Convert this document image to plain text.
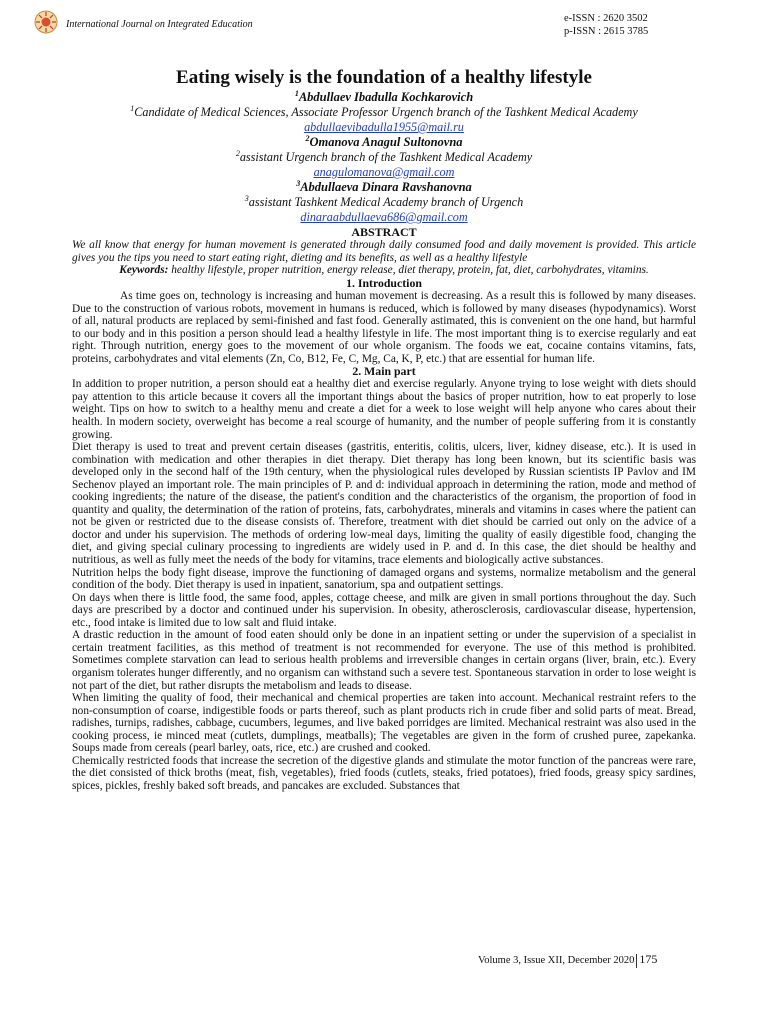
International Journal on Integrated Education
e-ISSN : 2620 3502
p-ISSN : 2615 3785
Eating wisely is the foundation of a healthy lifestyle
$^1$Abdullaev Ibadulla Kochkarovich
$^1$Candidate of Medical Sciences, Associate Professor Urgench branch of the Tashkent Medical Academy
abdullaevibadulla1955@mail.ru
$^2$Omanova Anagul Sultonovna
$^2$assistant Urgench branch of the Tashkent Medical Academy
anagulomanova@gmail.com
$^3$Abdullaeva Dinara Ravshanovna
$^3$assistant Tashkent Medical Academy branch of Urgench
dinaraabdullaeva686@gmail.com
ABSTRACT
We all know that energy for human movement is generated through daily consumed food and daily movement is provided. This article gives you the tips you need to start eating right, dieting and its benefits, as well as a healthy lifestyle
Keywords: healthy lifestyle, proper nutrition, energy release, diet therapy, protein, fat, diet, carbohydrates, vitamins.
1. Introduction

As time goes on, technology is increasing and human movement is decreasing. As a result this is followed by many diseases. Due to the construction of various robots, movement in humans is reduced, which is followed by many diseases (hypodynamics). Worst of all, natural products are replaced by semi-finished and fast food. Generally astimated, this is convenient on the one hand, but harmful to our body and in this position a person should lead a healthy lifestyle in life. The most important thing is to exercise regularly and eat right. Through nutrition, energy goes to the movement of our whole organism. The foods we eat, cocaine contains vitamins, fats, proteins, carbohydrates and vital elements (Zn, Co, B12, Fe, C, Mg, Ca, K, P, etc.) that are essential for human life.

2. Main part

In addition to proper nutrition, a person should eat a healthy diet and exercise regularly. Anyone trying to lose weight with diets should pay attention to this article because it covers all the important things about the basics of proper nutrition, how to eat properly to lose weight. Tips on how to switch to a healthy menu and create a diet for a week to lose weight will help anyone who cares about their health. In modern society, overweight has become a real scourge of humanity, and the number of people suffering from it is constantly growing.

Diet therapy is used to treat and prevent certain diseases (gastritis, enteritis, colitis, ulcers, liver, kidney disease, etc.). It is used in combination with medication and other therapies in diet therapy. Diet therapy has long been known, but its scientific basis was developed only in the second half of the 19th century, when the physiological rules developed by Russian scientists IP Pavlov and IM Sechenov played an important role. The main principles of P. and d: individual approach in determining the ration, mode and method of cooking ingredients; the nature of the disease, the patient's condition and the characteristics of the organism, the proportion of food in quantity and quality, the determination of the ration of proteins, fats, carbohydrates, minerals and vitamins in cases where the patient can not be given or restricted due to the disease consists of. Therefore, treatment with diet should be carried out only on the advice of a doctor and under his supervision. The methods of ordering low-meal days, limiting the quality of easily digestible food, changing the diet, and giving special culinary processing to ingredients are widely used in P. and d. In this case, the diet should be healthy and nutritious, as well as fully meet the needs of the body for vitamins, trace elements and biologically active substances.

Nutrition helps the body fight disease, improve the functioning of damaged organs and systems, normalize metabolism and the general condition of the body. Diet therapy is used in inpatient, sanatorium, spa and outpatient settings.

On days when there is little food, the same food, apples, cottage cheese, and milk are given in small portions throughout the day. Such days are prescribed by a doctor and continued under his supervision. In obesity, atherosclerosis, cardiovascular disease, hypertension, etc., food intake is limited due to low salt and fluid intake.

A drastic reduction in the amount of food eaten should only be done in an inpatient setting or under the supervision of a specialist in certain treatment facilities, as this method of treatment is not recommended for everyone. The use of this method is prohibited. Sometimes complete starvation can lead to serious health problems and irreversible changes in certain organs (liver, brain, etc.). Every organism tolerates hunger differently, and no organism can withstand such a severe test. Spontaneous starvation in order to lose weight is not part of the diet, but rather disrupts the metabolism and leads to disease.

When limiting the quality of food, their mechanical and chemical properties are taken into account. Mechanical restraint refers to the non-consumption of coarse, indigestible foods or parts thereof, such as plant products rich in crude fiber and solid parts of meat. Bread, radishes, turnips, radishes, cabbage, cucumbers, legumes, and live baked porridges are limited. Mechanical restraint was also used in the cooking process, ie minced meat (cutlets, dumplings, meatballs); The vegetables are given in the form of crushed puree, zapekanka. Soups made from cereals (pearl barley, oats, rice, etc.) are crushed and cooked.

Chemically restricted foods that increase the secretion of the digestive glands and stimulate the motor function of the pancreas were rare, the diet consisted of thick broths (meat, fish, vegetables), fried foods (cutlets, steaks, fried potatoes), fried foods, greasy spicy sardines, spices, pickles, freshly baked soft breads, and pancakes are excluded. Substances that

Volume 3, Issue XII, December 2020 175
